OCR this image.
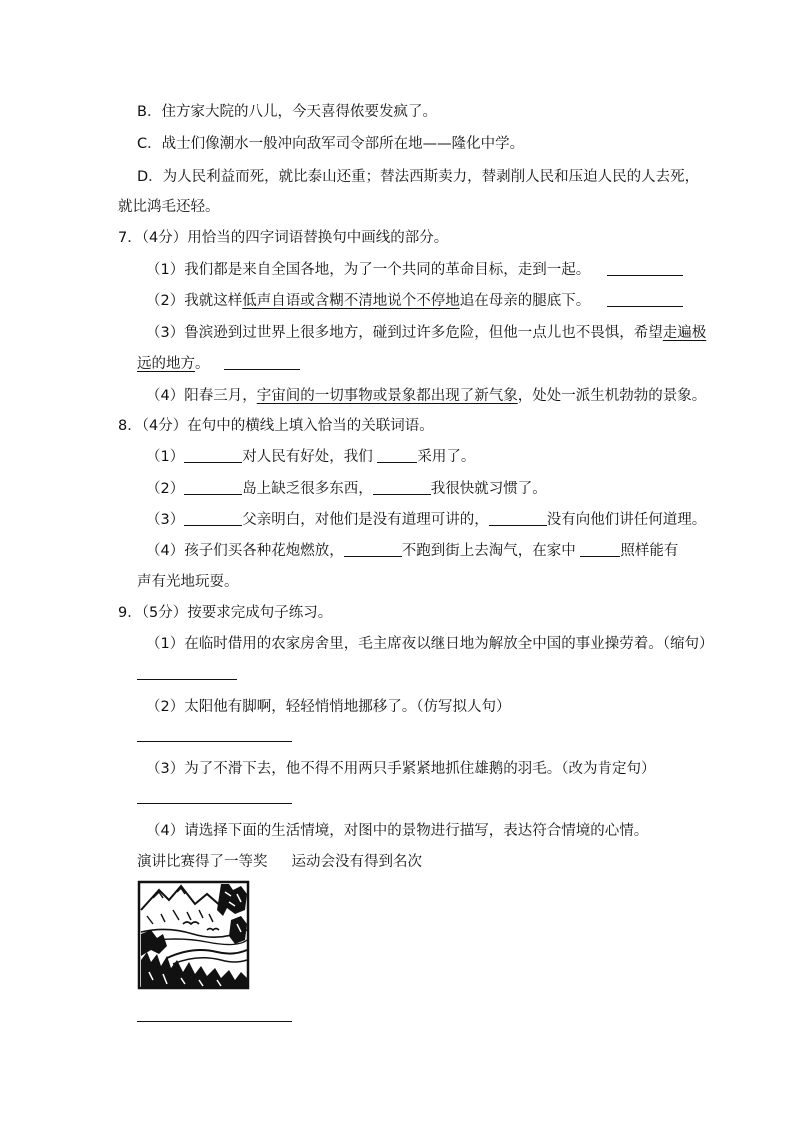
B．住方家大院的八儿，今天喜得侬要发疯了。
C．战士们像潮水一般冲向敌军司令部所在地——隆化中学。
D．为人民利益而死，就比泰山还重；替法西斯卖力，替剥削人民和压迫人民的人去死，
就比鸿毛还轻。
7．（4分）用恰当的四字词语替换句中画线的部分。
（1）我们都是来自全国各地，为了一个共同的革命目标，走到一起。
（2）我就这样低声自语或含糊不清地说个不停地追在母亲的腿底下。
（3）鲁滨逊到过世界上很多地方，碰到过许多危险，但他一点儿也不畏惧，希望走遍极
远的地方。
（4）阳春三月，宇宙间的一切事物或景象都出现了新气象，处处一派生机勃勃的景象。
8．（4分）在句中的横线上填入恰当的关联词语。
（1）	对人民有好处，我们	采用了。
（2）	岛上缺乏很多东西，	我很快就习惯了。
（3）	父亲明白，对他们是没有道理可讲的，	没有向他们讲任何道理。
（4）孩子们买各种花炮燃放，	不跑到街上去淘气，在家中	照样能有
声有光地玩耍。
9．（5分）按要求完成句子练习。
（1）在临时借用的农家房舍里，毛主席夜以继日地为解放全中国的事业操劳着。（缩句）
（2）太阳他有脚啊，轻轻悄悄地挪移了。（仿写拟人句）
（3）为了不滑下去，他不得不用两只手紧紧地抓住雄鹅的羽毛。（改为肯定句）
（4）请选择下面的生活情境，对图中的景物进行描写，表达符合情境的心情。
演讲比赛得了一等奖 运动会没有得到名次
